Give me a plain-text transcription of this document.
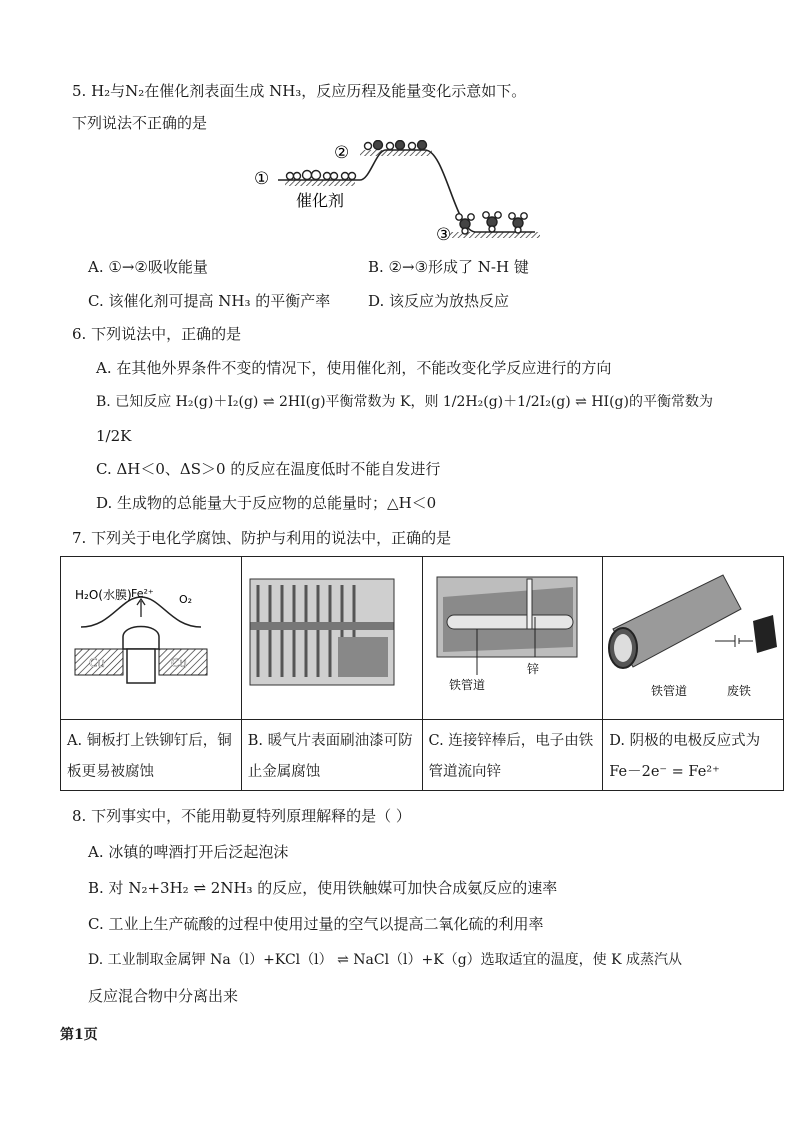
5. H₂与N₂在催化剂表面生成 NH₃，反应历程及能量变化示意如下。
下列说法不正确的是
①
②
③
催化剂
A. ①→②吸收能量	B. ②→③形成了 N-H 键
C. 该催化剂可提高 NH₃ 的平衡产率	D. 该反应为放热反应
6. 下列说法中，正确的是
A. 在其他外界条件不变的情况下，使用催化剂，不能改变化学反应进行的方向
B. 已知反应 H₂(g)＋I₂(g) ⇌ 2HI(g)平衡常数为 K，则 1/2H₂(g)＋1/2I₂(g) ⇌ HI(g)的平衡常数为
1/2K
C. ΔH＜0、ΔS＞0 的反应在温度低时不能自发进行
D. 生成物的总能量大于反应物的总能量时；△H＜0
7. 下列关于电化学腐蚀、防护与利用的说法中，正确的是
H₂O(水膜) Fe²⁺ O₂
Cu Cu		铁管道
锌	铁管道 废铁

A. 铜板打上铁铆钉后，铜板更易被腐蚀	B. 暖气片表面刷油漆可防止金属腐蚀	C. 连接锌棒后，电子由铁管道流向锌	D. 阴极的电极反应式为
Fe－2e⁻ = Fe²⁺
8. 下列事实中，不能用勒夏特列原理解释的是（ ）
A. 冰镇的啤酒打开后泛起泡沫
B. 对 N₂+3H₂ ⇌ 2NH₃ 的反应，使用铁触媒可加快合成氨反应的速率
C. 工业上生产硫酸的过程中使用过量的空气以提高二氧化硫的利用率
D. 工业制取金属钾 Na（l）+KCl（l） ⇌ NaCl（l）+K（g）选取适宜的温度，使 K 成蒸汽从
反应混合物中分离出来
第1页
